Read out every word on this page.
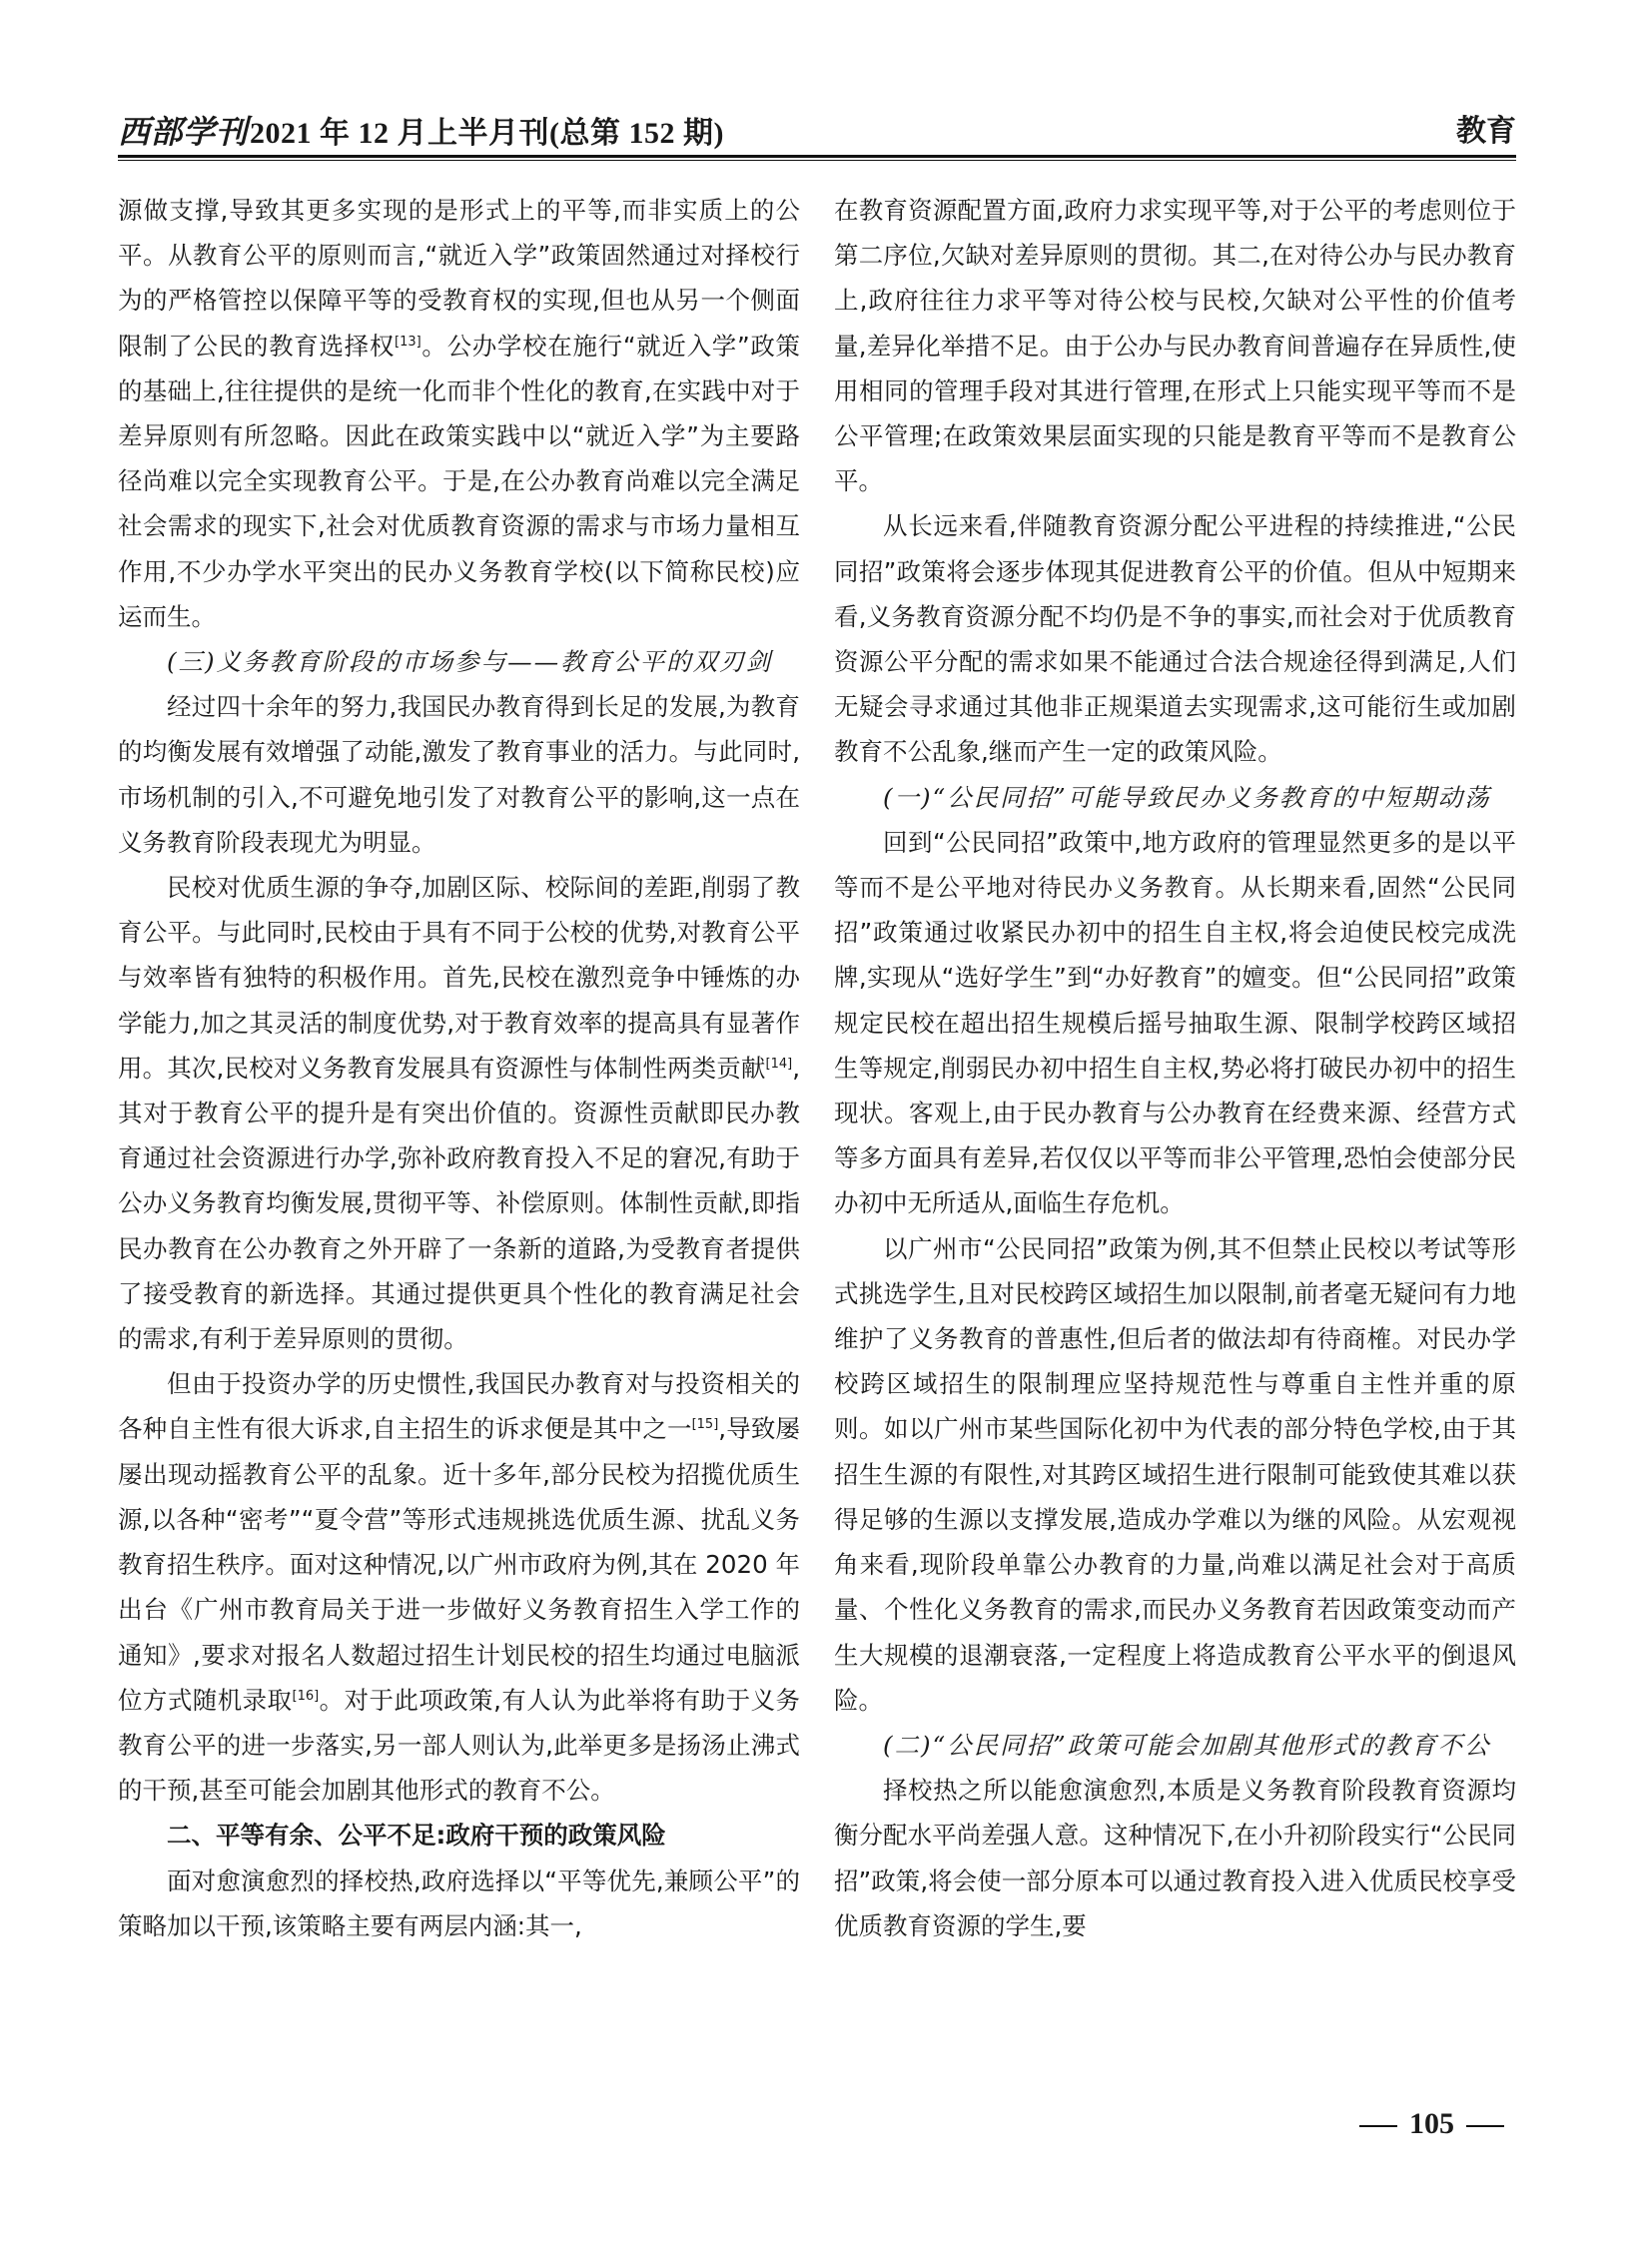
西部学刊2021 年 12 月上半月刊(总第 152 期)	教育

源做支撑,导致其更多实现的是形式上的平等,而非实质上的公平。从教育公平的原则而言,“就近入学”政策固然通过对择校行为的严格管控以保障平等的受教育权的实现,但也从另一个侧面限制了公民的教育选择权[13]。公办学校在施行“就近入学”政策的基础上,往往提供的是统一化而非个性化的教育,在实践中对于差异原则有所忽略。因此在政策实践中以“就近入学”为主要路径尚难以完全实现教育公平。于是,在公办教育尚难以完全满足社会需求的现实下,社会对优质教育资源的需求与市场力量相互作用,不少办学水平突出的民办义务教育学校(以下简称民校)应运而生。

(三)义务教育阶段的市场参与——教育公平的双刃剑

经过四十余年的努力,我国民办教育得到长足的发展,为教育的均衡发展有效增强了动能,激发了教育事业的活力。与此同时,市场机制的引入,不可避免地引发了对教育公平的影响,这一点在义务教育阶段表现尤为明显。

民校对优质生源的争夺,加剧区际、校际间的差距,削弱了教育公平。与此同时,民校由于具有不同于公校的优势,对教育公平与效率皆有独特的积极作用。首先,民校在激烈竞争中锤炼的办学能力,加之其灵活的制度优势,对于教育效率的提高具有显著作用。其次,民校对义务教育发展具有资源性与体制性两类贡献[14],其对于教育公平的提升是有突出价值的。资源性贡献即民办教育通过社会资源进行办学,弥补政府教育投入不足的窘况,有助于公办义务教育均衡发展,贯彻平等、补偿原则。体制性贡献,即指民办教育在公办教育之外开辟了一条新的道路,为受教育者提供了接受教育的新选择。其通过提供更具个性化的教育满足社会的需求,有利于差异原则的贯彻。

但由于投资办学的历史惯性,我国民办教育对与投资相关的各种自主性有很大诉求,自主招生的诉求便是其中之一[15],导致屡屡出现动摇教育公平的乱象。近十多年,部分民校为招揽优质生源,以各种“密考”“夏令营”等形式违规挑选优质生源、扰乱义务教育招生秩序。面对这种情况,以广州市政府为例,其在 2020 年出台《广州市教育局关于进一步做好义务教育招生入学工作的通知》,要求对报名人数超过招生计划民校的招生均通过电脑派位方式随机录取[16]。对于此项政策,有人认为此举将有助于义务教育公平的进一步落实,另一部人则认为,此举更多是扬汤止沸式的干预,甚至可能会加剧其他形式的教育不公。

二、平等有余、公平不足:政府干预的政策风险

面对愈演愈烈的择校热,政府选择以“平等优先,兼顾公平”的策略加以干预,该策略主要有两层内涵:其一,

在教育资源配置方面,政府力求实现平等,对于公平的考虑则位于第二序位,欠缺对差异原则的贯彻。其二,在对待公办与民办教育上,政府往往力求平等对待公校与民校,欠缺对公平性的价值考量,差异化举措不足。由于公办与民办教育间普遍存在异质性,使用相同的管理手段对其进行管理,在形式上只能实现平等而不是公平管理;在政策效果层面实现的只能是教育平等而不是教育公平。

从长远来看,伴随教育资源分配公平进程的持续推进,“公民同招”政策将会逐步体现其促进教育公平的价值。但从中短期来看,义务教育资源分配不均仍是不争的事实,而社会对于优质教育资源公平分配的需求如果不能通过合法合规途径得到满足,人们无疑会寻求通过其他非正规渠道去实现需求,这可能衍生或加剧教育不公乱象,继而产生一定的政策风险。

(一)“公民同招”可能导致民办义务教育的中短期动荡

回到“公民同招”政策中,地方政府的管理显然更多的是以平等而不是公平地对待民办义务教育。从长期来看,固然“公民同招”政策通过收紧民办初中的招生自主权,将会迫使民校完成洗牌,实现从“选好学生”到“办好教育”的嬗变。但“公民同招”政策规定民校在超出招生规模后摇号抽取生源、限制学校跨区域招生等规定,削弱民办初中招生自主权,势必将打破民办初中的招生现状。客观上,由于民办教育与公办教育在经费来源、经营方式等多方面具有差异,若仅仅以平等而非公平管理,恐怕会使部分民办初中无所适从,面临生存危机。

以广州市“公民同招”政策为例,其不但禁止民校以考试等形式挑选学生,且对民校跨区域招生加以限制,前者毫无疑问有力地维护了义务教育的普惠性,但后者的做法却有待商榷。对民办学校跨区域招生的限制理应坚持规范性与尊重自主性并重的原则。如以广州市某些国际化初中为代表的部分特色学校,由于其招生生源的有限性,对其跨区域招生进行限制可能致使其难以获得足够的生源以支撑发展,造成办学难以为继的风险。从宏观视角来看,现阶段单靠公办教育的力量,尚难以满足社会对于高质量、个性化义务教育的需求,而民办义务教育若因政策变动而产生大规模的退潮衰落,一定程度上将造成教育公平水平的倒退风险。

(二)“公民同招”政策可能会加剧其他形式的教育不公

择校热之所以能愈演愈烈,本质是义务教育阶段教育资源均衡分配水平尚差强人意。这种情况下,在小升初阶段实行“公民同招”政策,将会使一部分原本可以通过教育投入进入优质民校享受优质教育资源的学生,要

105
